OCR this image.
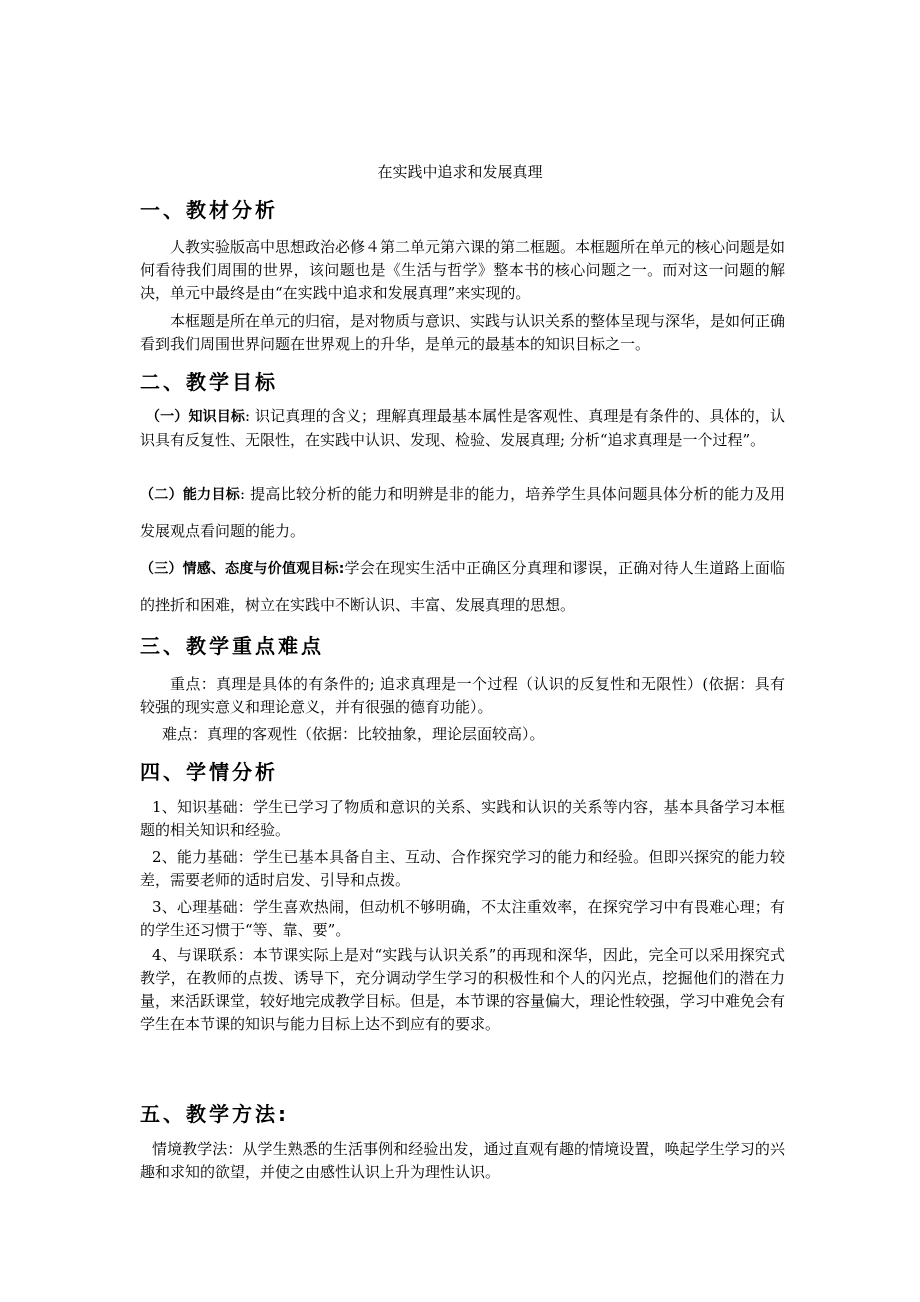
在实践中追求和发展真理
一、教材分析
人教实验版高中思想政治必修４第二单元第六课的第二框题。本框题所在单元的核心问题是如何看待我们周围的世界，该问题也是《生活与哲学》整本书的核心问题之一。而对这一问题的解决，单元中最终是由“在实践中追求和发展真理”来实现的。
本框题是所在单元的归宿，是对物质与意识、实践与认识关系的整体呈现与深华，是如何正确看到我们周围世界问题在世界观上的升华，是单元的最基本的知识目标之一。
二、教学目标
（一）知识目标: 识记真理的含义；理解真理最基本属性是客观性、真理是有条件的、具体的，认识具有反复性、无限性，在实践中认识、发现、检验、发展真理; 分析“追求真理是一个过程”。
（二）能力目标: 提高比较分析的能力和明辨是非的能力，培养学生具体问题具体分析的能力及用发展观点看问题的能力。
（三）情感、态度与价值观目标:学会在现实生活中正确区分真理和谬误，正确对待人生道路上面临的挫折和困难，树立在实践中不断认识、丰富、发展真理的思想。
三、教学重点难点
重点：真理是具体的有条件的; 追求真理是一个过程（认识的反复性和无限性）(依据：具有较强的现实意义和理论意义，并有很强的德育功能）。
难点：真理的客观性（依据：比较抽象，理论层面较高）。
四、学情分析
1、知识基础：学生已学习了物质和意识的关系、实践和认识的关系等内容，基本具备学习本框题的相关知识和经验。
2、能力基础：学生已基本具备自主、互动、合作探究学习的能力和经验。但即兴探究的能力较差，需要老师的适时启发、引导和点拨。
3、心理基础：学生喜欢热闹，但动机不够明确，不太注重效率，在探究学习中有畏难心理；有的学生还习惯于“等、靠、要”。
4、与课联系：本节课实际上是对“实践与认识关系”的再现和深华，因此，完全可以采用探究式教学，在教师的点拨、诱导下，充分调动学生学习的积极性和个人的闪光点，挖掘他们的潜在力量，来活跃课堂，较好地完成教学目标。但是，本节课的容量偏大，理论性较强，学习中难免会有学生在本节课的知识与能力目标上达不到应有的要求。
五、教学方法:
情境教学法：从学生熟悉的生活事例和经验出发，通过直观有趣的情境设置，唤起学生学习的兴趣和求知的欲望，并使之由感性认识上升为理性认识。
